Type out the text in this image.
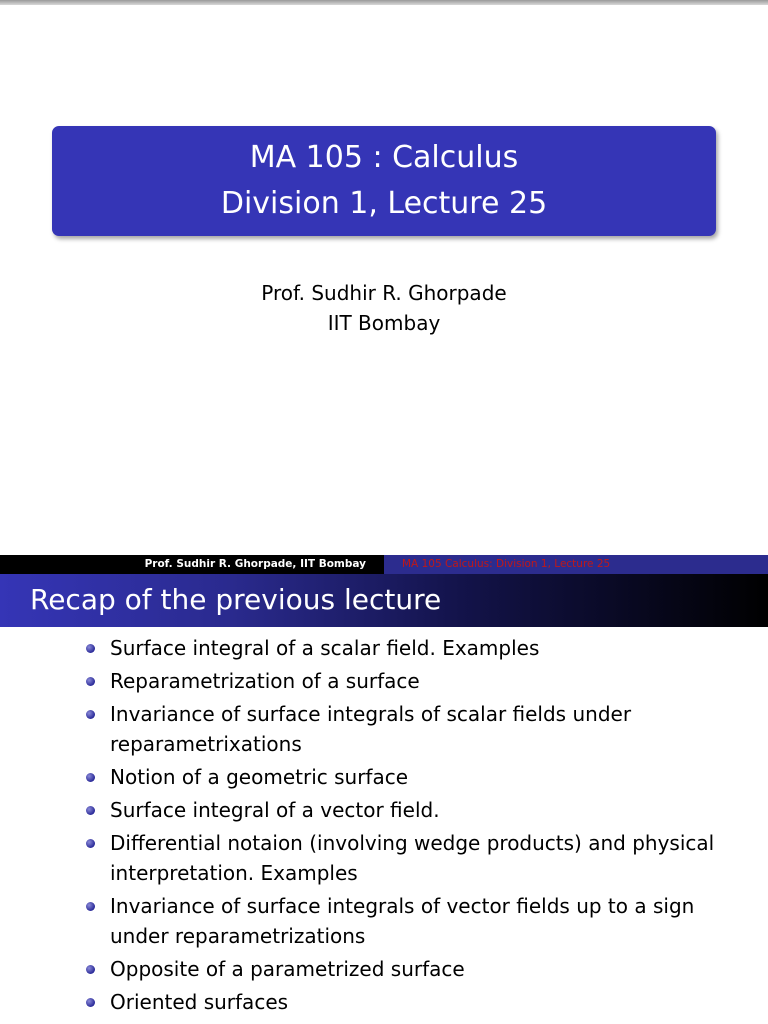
MA 105 : Calculus
Division 1, Lecture 25
Prof. Sudhir R. Ghorpade
IIT Bombay
Prof. Sudhir R. Ghorpade, IIT Bombay	MA 105 Calculus: Division 1, Lecture 25
Recap of the previous lecture
Surface integral of a scalar field. Examples
Reparametrization of a surface
Invariance of surface integrals of scalar fields under reparametrixations
Notion of a geometric surface
Surface integral of a vector field.
Differential notaion (involving wedge products) and physical interpretation. Examples
Invariance of surface integrals of vector fields up to a sign under reparametrizations
Opposite of a parametrized surface
Oriented surfaces
